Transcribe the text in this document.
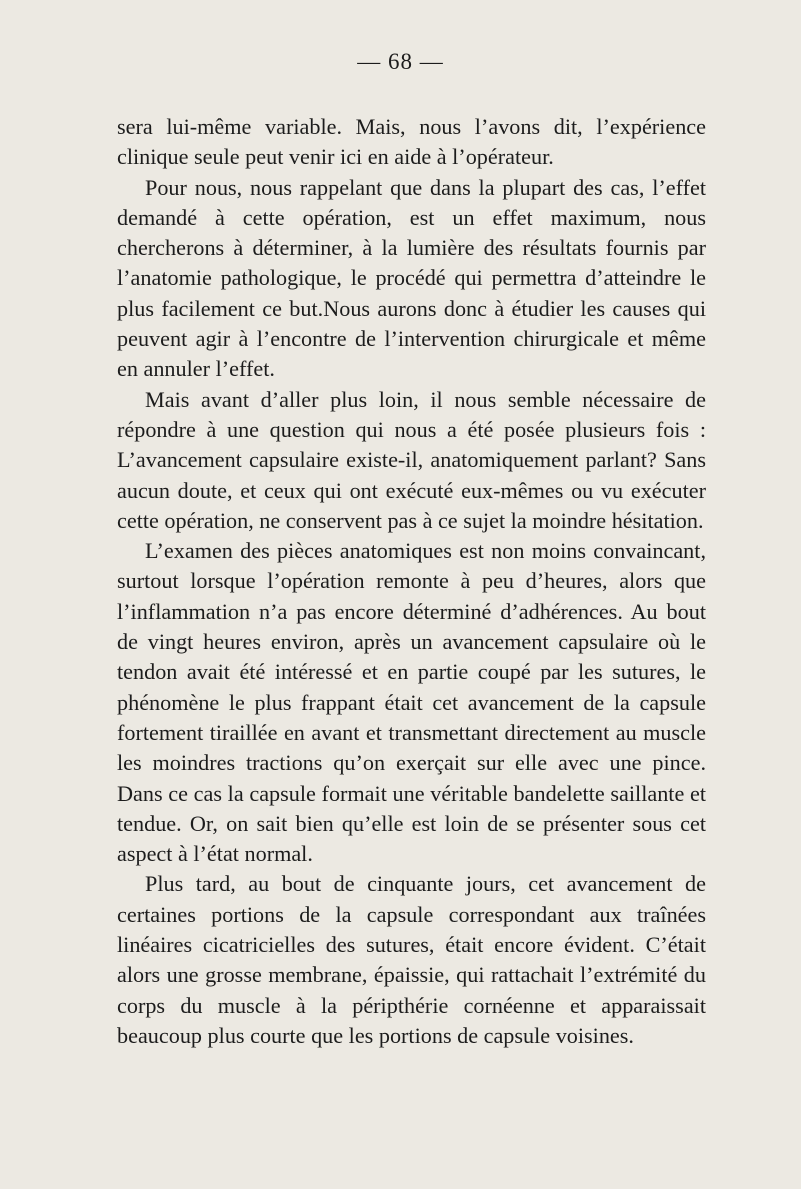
— 68 —

sera lui-même variable. Mais, nous l’avons dit, l’expérience clinique seule peut venir ici en aide à l’opérateur.

Pour nous, nous rappelant que dans la plupart des cas, l’effet demandé à cette opération, est un effet maximum, nous chercherons à déterminer, à la lumière des résultats fournis par l’anatomie pathologique, le procédé qui permettra d’atteindre le plus facilement ce but.Nous aurons donc à étudier les causes qui peuvent agir à l’encontre de l’intervention chirurgicale et même en annuler l’effet.

Mais avant d’aller plus loin, il nous semble nécessaire de répondre à une question qui nous a été posée plusieurs fois : L’avancement capsulaire existe-il, anatomiquement parlant? Sans aucun doute, et ceux qui ont exécuté eux-mêmes ou vu exécuter cette opération, ne conservent pas à ce sujet la moindre hésitation.

L’examen des pièces anatomiques est non moins convaincant, surtout lorsque l’opération remonte à peu d’heures, alors que l’inflammation n’a pas encore déterminé d’adhérences. Au bout de vingt heures environ, après un avancement capsulaire où le tendon avait été intéressé et en partie coupé par les sutures, le phénomène le plus frappant était cet avancement de la capsule fortement tiraillée en avant et transmettant directement au muscle les moindres tractions qu’on exerçait sur elle avec une pince. Dans ce cas la capsule formait une véritable bandelette saillante et tendue. Or, on sait bien qu’elle est loin de se présenter sous cet aspect à l’état normal.

Plus tard, au bout de cinquante jours, cet avancement de certaines portions de la capsule correspondant aux traînées linéaires cicatricielles des sutures, était encore évident. C’était alors une grosse membrane, épaissie, qui rattachait l’extrémité du corps du muscle à la péripthérie cornéenne et apparaissait beaucoup plus courte que les portions de capsule voisines.
